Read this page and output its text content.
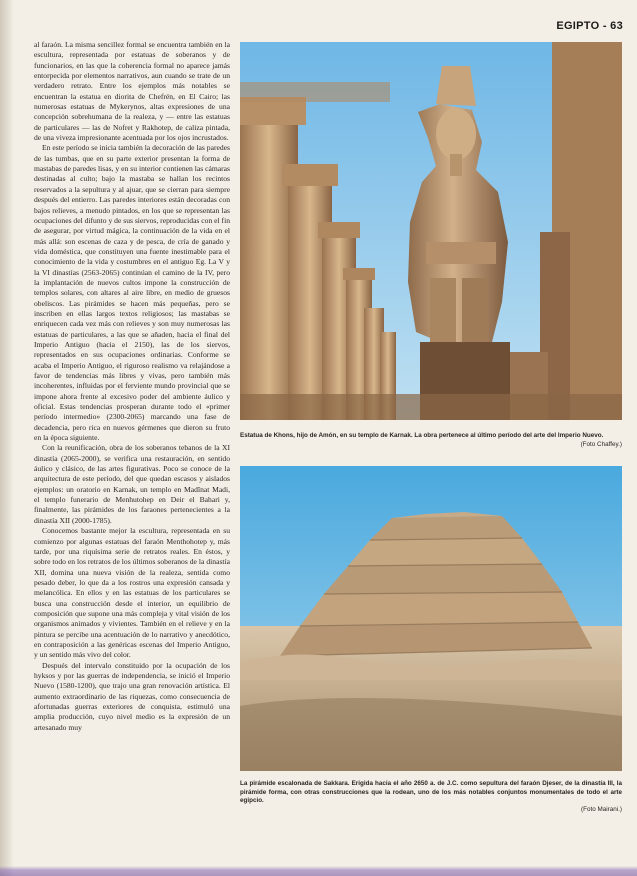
EGIPTO - 63

al faraón. La misma sencillez formal se encuentra también en la escultura, representada por estatuas de soberanos y de funcionarios, en las que la coherencia formal no aparece jamás entorpecida por elementos narrativos, aun cuando se trate de un verdadero retrato. Entre los ejemplos más notables se encuentran la estatua en diorita de Chefrén, en El Cairo; las numerosas estatuas de Mykerynos, altas expresiones de una concepción sobrehumana de la realeza, y — entre las estatuas de particulares — las de Nofret y Rakhotep, de caliza pintada, de una viveza impresionante acentuada por los ojos incrustados.

En este período se inicia también la decoración de las paredes de las tumbas, que en su parte exterior presentan la forma de mastabas de paredes lisas, y en su interior contienen las cámaras destinadas al culto; bajo la mastaba se hallan los recintos reservados a la sepultura y al ajuar, que se cierran para siempre después del entierro. Las paredes interiores están decoradas con bajos relieves, a menudo pintados, en los que se representan las ocupaciones del difunto y de sus siervos, reproducidas con el fin de asegurar, por virtud mágica, la continuación de la vida en el más allá: son escenas de caza y de pesca, de cría de ganado y vida doméstica, que constituyen una fuente inestimable para el conocimiento de la vida y costumbres en el antiguo Eg. La V y la VI dinastías (2563-2065) continúan el camino de la IV, pero la implantación de nuevos cultos impone la construcción de templos solares, con altares al aire libre, en medio de gruesos obeliscos. Las pirámides se hacen más pequeñas, pero se inscriben en ellas largos textos religiosos; las mastabas se enriquecen cada vez más con relieves y son muy numerosas las estatuas de particulares, a las que se añaden, hacia el final del Imperio Antiguo (hacia el 2150), las de los siervos, representados en sus ocupaciones ordinarias. Conforme se acaba el Imperio Antiguo, el riguroso realismo va relajándose a favor de tendencias más libres y vivas, pero también más incoherentes, influidas por el ferviente mundo provincial que se impone ahora frente al excesivo poder del ambiente áulico y oficial. Estas tendencias prosperan durante todo el «primer período intermedio» (2300-2065) marcando una fase de decadencia, pero rica en nuevos gérmenes que dieron su fruto en la época siguiente.

Con la reunificación, obra de los soberanos tebanos de la XI dinastía (2065-2000), se verifica una restauración, en sentido áulico y clásico, de las artes figurativas. Poco se conoce de la arquitectura de este período, del que quedan escasos y aislados ejemplos: un oratorio en Karnak, un templo en Madînat Madi, el templo funerario de Menhutohep en Deir el Bahari y, finalmente, las pirámides de los faraones pertenecientes a la dinastía XII (2000-1785).

Conocemos bastante mejor la escultura, representada en su comienzo por algunas estatuas del faraón Menthohotep y, más tarde, por una riquísima serie de retratos reales. En éstos, y sobre todo en los retratos de los últimos soberanos de la dinastía XII, domina una nueva visión de la realeza, sentida como pesado deber, lo que da a los rostros una expresión cansada y melancólica. En ellos y en las estatuas de los particulares se busca una construcción desde el interior, un equilibrio de composición que supone una más compleja y vital visión de los organismos animados y vivientes. También en el relieve y en la pintura se percibe una acentuación de lo narrativo y anecdótico, en contraposición a las genéricas escenas del Imperio Antiguo, y un sentido más vivo del color.

Después del intervalo constituido por la ocupación de los hyksos y por las guerras de independencia, se inició el Imperio Nuevo (1580-1200), que trajo una gran renovación artística. El aumento extraordinario de las riquezas, como consecuencia de afortunadas guerras exteriores de conquista, estimuló una amplia producción, cuyo nivel medio es la expresión de un artesanado muy

Estatua de Khons, hijo de Amón, en su templo de Karnak. La obra pertenece al último período del arte del Imperio Nuevo.
(Foto Chaffey.)
La pirámide escalonada de Sakkara. Erigida hacia el año 2650 a. de J.C. como sepultura del faraón Djeser, de la dinastía III, la pirámide forma, con otras construcciones que la rodean, uno de los más notables conjuntos monumentales de todo el arte egipcio.
(Foto Mairani.)
